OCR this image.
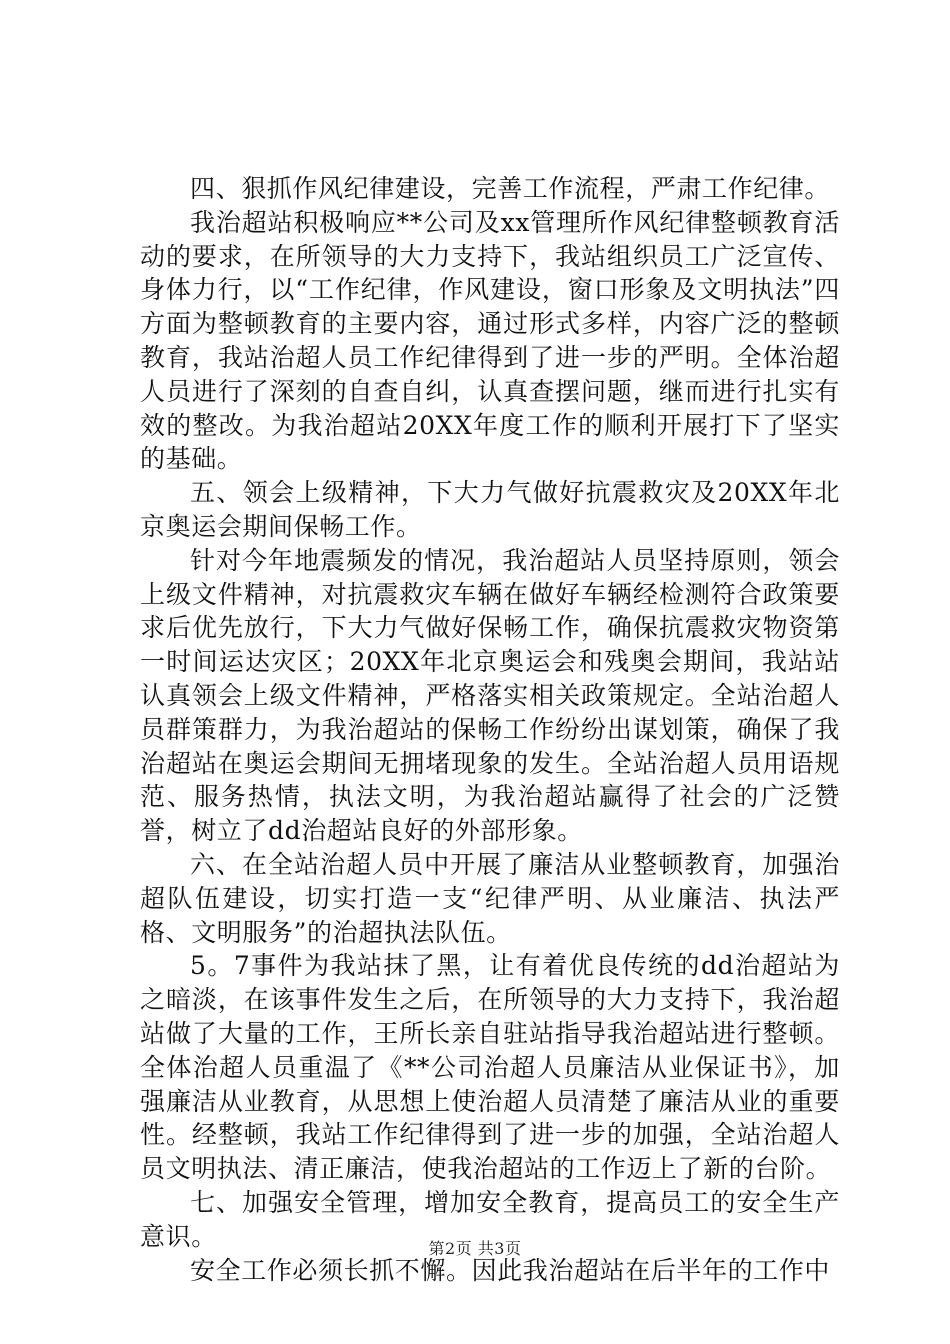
四、狠抓作风纪律建设，完善工作流程，严肃工作纪律。

我治超站积极响应**公司及xx管理所作风纪律整顿教育活动的要求，在所领导的大力支持下，我站组织员工广泛宣传、身体力行，以“工作纪律，作风建设，窗口形象及文明执法”四方面为整顿教育的主要内容，通过形式多样，内容广泛的整顿教育，我站治超人员工作纪律得到了进一步的严明。全体治超人员进行了深刻的自查自纠，认真查摆问题，继而进行扎实有效的整改。为我治超站20XX年度工作的顺利开展打下了坚实的基础。

五、领会上级精神，下大力气做好抗震救灾及20XX年北京奥运会期间保畅工作。

针对今年地震频发的情况，我治超站人员坚持原则，领会上级文件精神，对抗震救灾车辆在做好车辆经检测符合政策要求后优先放行，下大力气做好保畅工作，确保抗震救灾物资第一时间运达灾区；20XX年北京奥运会和残奥会期间，我站站认真领会上级文件精神，严格落实相关政策规定。全站治超人员群策群力，为我治超站的保畅工作纷纷出谋划策，确保了我治超站在奥运会期间无拥堵现象的发生。全站治超人员用语规范、服务热情，执法文明，为我治超站赢得了社会的广泛赞誉，树立了dd治超站良好的外部形象。

六、在全站治超人员中开展了廉洁从业整顿教育，加强治超队伍建设，切实打造一支“纪律严明、从业廉洁、执法严格、文明服务”的治超执法队伍。

5。7事件为我站抹了黑，让有着优良传统的dd治超站为之暗淡，在该事件发生之后，在所领导的大力支持下，我治超站做了大量的工作，王所长亲自驻站指导我治超站进行整顿。全体治超人员重温了《**公司治超人员廉洁从业保证书》，加强廉洁从业教育，从思想上使治超人员清楚了廉洁从业的重要性。经整顿，我站工作纪律得到了进一步的加强，全站治超人员文明执法、清正廉洁，使我治超站的工作迈上了新的台阶。

七、加强安全管理，增加安全教育，提高员工的安全生产意识。

安全工作必须长抓不懈。因此我治超站在后半年的工作中

第2页 共3页
